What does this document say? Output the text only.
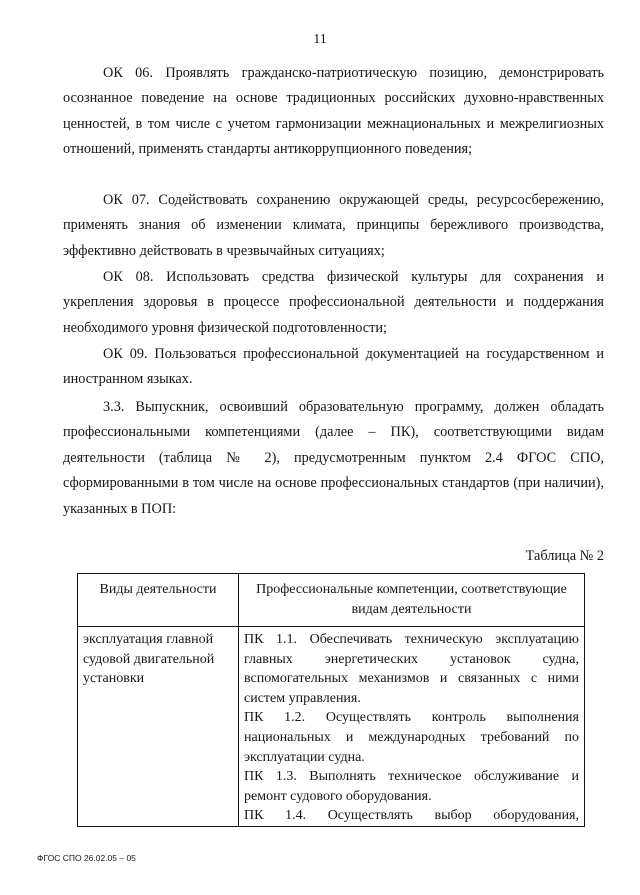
11

ОК 06. Проявлять гражданско-патриотическую позицию, демонстрировать осознанное поведение на основе традиционных российских духовно-нравственных ценностей, в том числе с учетом гармонизации межнациональных и межрелигиозных отношений, применять стандарты антикоррупционного поведения;

ОК 07. Содействовать сохранению окружающей среды, ресурсосбережению, применять знания об изменении климата, принципы бережливого производства, эффективно действовать в чрезвычайных ситуациях;

ОК 08. Использовать средства физической культуры для сохранения и укрепления здоровья в процессе профессиональной деятельности и поддержания необходимого уровня физической подготовленности;

ОК 09. Пользоваться профессиональной документацией на государственном и иностранном языках.

3.3. Выпускник, освоивший образовательную программу, должен обладать профессиональными компетенциями (далее – ПК), соответствующими видам деятельности (таблица № 2), предусмотренным пунктом 2.4 ФГОС СПО, сформированными в том числе на основе профессиональных стандартов (при наличии), указанных в ПОП:

Таблица № 2
Виды деятельности	Профессиональные компетенции, соответствующие видам деятельности
эксплуатация главной судовой двигательной установки	ПК 1.1. Обеспечивать техническую эксплуатацию главных энергетических установок судна, вспомогательных механизмов и связанных с ними систем управления.
ПК 1.2. Осуществлять контроль выполнения национальных и международных требований по эксплуатации судна.
ПК 1.3. Выполнять техническое обслуживание и ремонт судового оборудования.
ПК 1.4. Осуществлять выбор оборудования,
ФГОС СПО 26.02.05 – 05
